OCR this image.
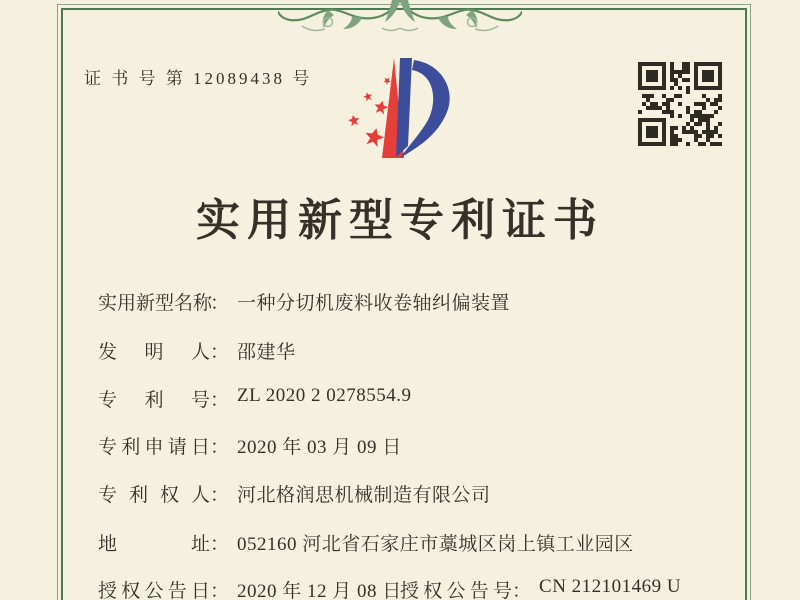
证 书 号 第 12089438 号
实用新型专利证书
实用新型名称
： 一种分切机废料收卷轴纠偏装置
发明人 ： 邵建华
专利号 ： ZL 2020 2 0278554.9
专利申请日 ： 2020 年 03 月 09 日
专利权人 ： 河北格润思机械制造有限公司
地址 ： 052160 河北省石家庄市藁城区岗上镇工业园区
授权公告日 ： 2020 年 12 月 08 日
授权公告号 ： CN 212101469 U
